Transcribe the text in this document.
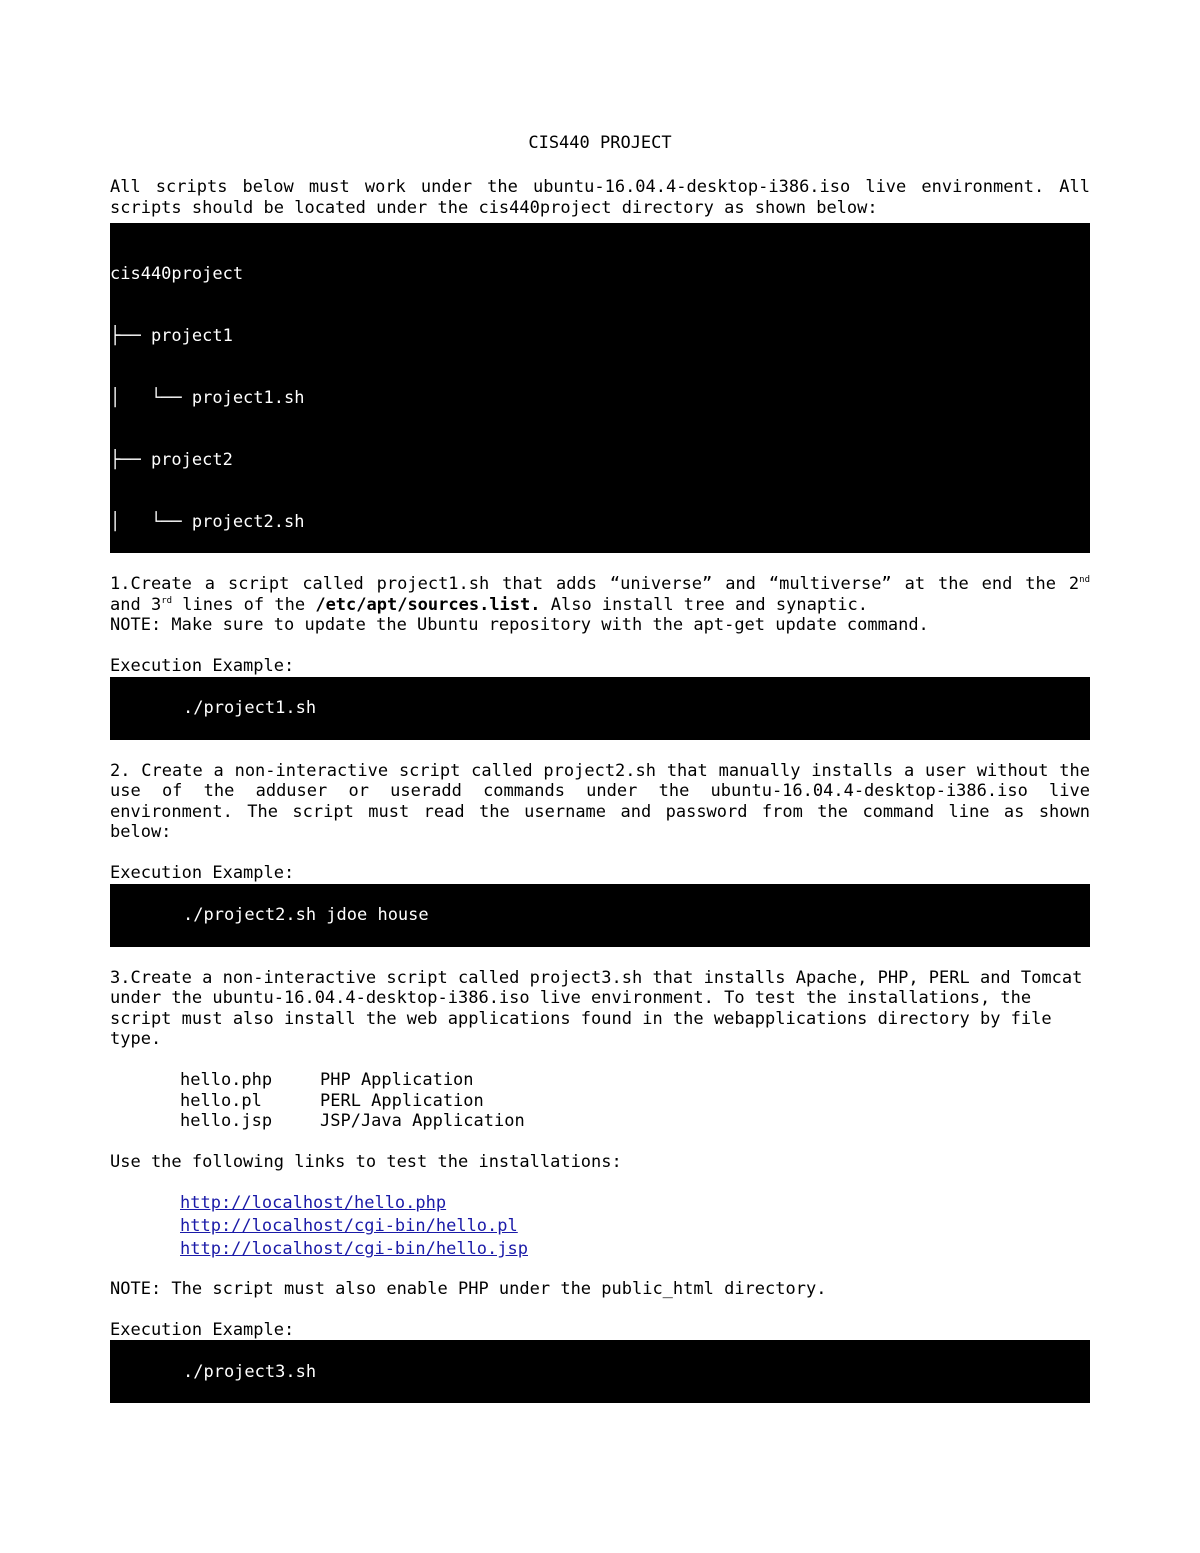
CIS440 PROJECT

All scripts below must work under the ubuntu-16.04.4-desktop-i386.iso live environment. All scripts should be located under the cis440project directory as shown below:

cis440project

├── project1

│   └── project1.sh

├── project2

│   └── project2.sh

1.Create a script called project1.sh that adds “universe” and “multiverse” at the end the 2nd and 3rd lines of the /etc/apt/sources.list. Also install tree and synaptic.

NOTE: Make sure to update the Ubuntu repository with the apt-get update command.

Execution Example:
./project1.sh

2. Create a non-interactive script called project2.sh that manually installs a user without the use of the adduser or useradd commands under the ubuntu-16.04.4-desktop-i386.iso live environment. The script must read the username and password from the command line as shown below:

Execution Example:
./project2.sh jdoe house

3.Create a non-interactive script called project3.sh that installs Apache, PHP, PERL and Tomcat under the ubuntu-16.04.4-desktop-i386.iso live environment. To test the installations, the script must also install the web applications found in the webapplications directory by file type.

hello.php	PHP Application
hello.pl	PERL Application
hello.jsp	JSP/Java Application
Use the following links to test the installations:
http://localhost/hello.php
http://localhost/cgi-bin/hello.pl
http://localhost/cgi-bin/hello.jsp

NOTE: The script must also enable PHP under the public_html directory.

Execution Example:
./project3.sh
